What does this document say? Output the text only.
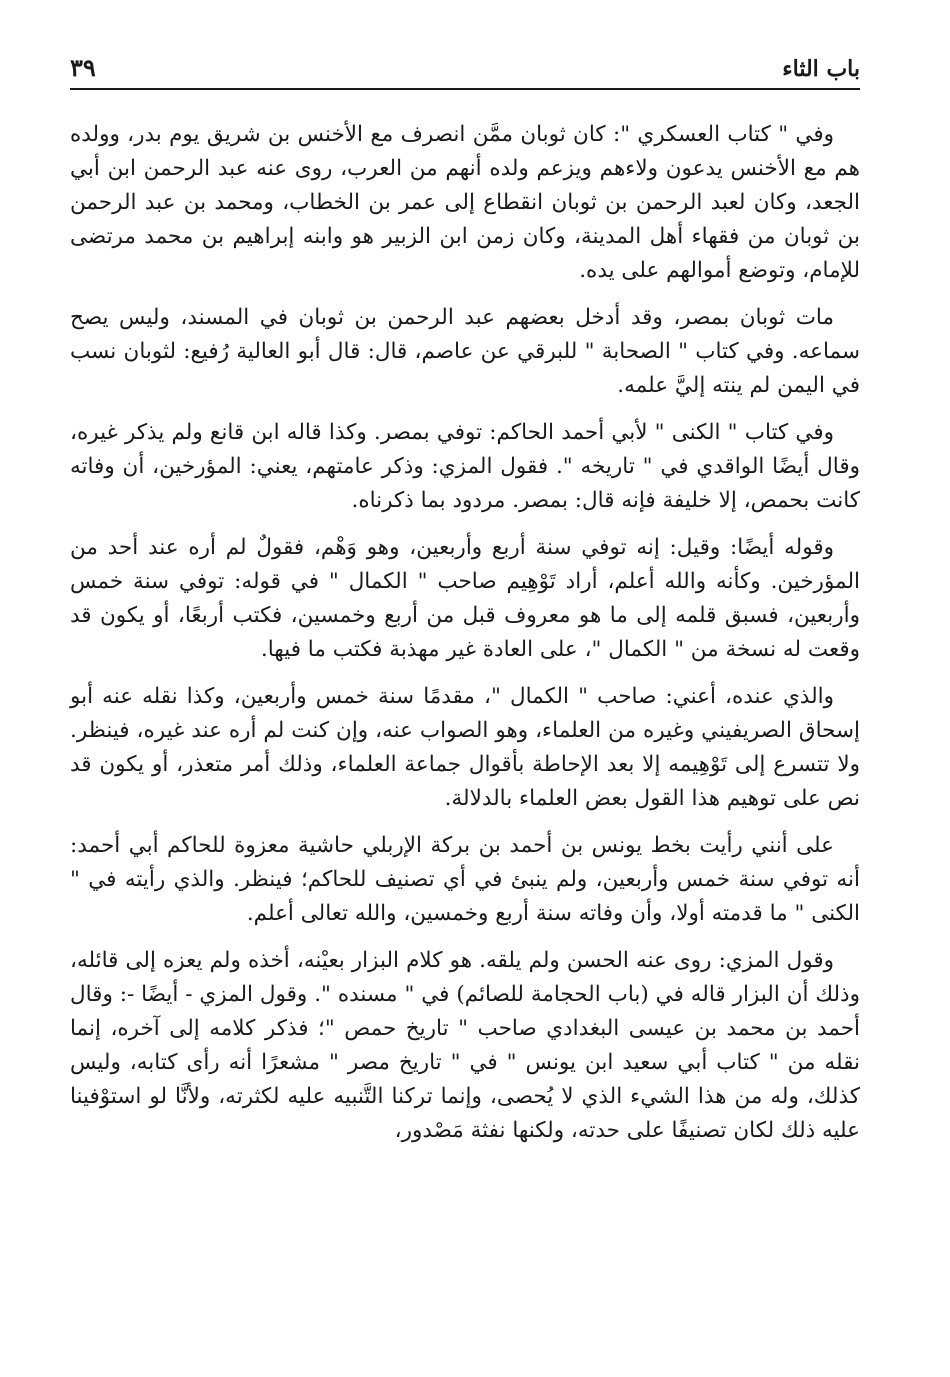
باب الثاء
٣٩

وفي " كتاب العسكري ": كان ثوبان ممَّن انصرف مع الأخنس بن شريق يوم بدر، وولده هم مع الأخنس يدعون ولاءهم ويزعم ولده أنهم من العرب، روى عنه عبد الرحمن ابن أبي الجعد، وكان لعبد الرحمن بن ثوبان انقطاع إلى عمر بن الخطاب، ومحمد بن عبد الرحمن بن ثوبان من فقهاء أهل المدينة، وكان زمن ابن الزبير هو وابنه إبراهيم بن محمد مرتضى للإمام، وتوضع أموالهم على يده.

مات ثوبان بمصر، وقد أدخل بعضهم عبد الرحمن بن ثوبان في المسند، وليس يصح سماعه. وفي كتاب " الصحابة " للبرقي عن عاصم، قال: قال أبو العالية رُفيع: لثوبان نسب في اليمن لم ينته إليَّ علمه.

وفي كتاب " الكنى " لأبي أحمد الحاكم: توفي بمصر. وكذا قاله ابن قانع ولم يذكر غيره، وقال أيضًا الواقدي في " تاريخه ". فقول المزي: وذكر عامتهم، يعني: المؤرخين، أن وفاته كانت بحمص، إلا خليفة فإنه قال: بمصر. مردود بما ذكرناه.

وقوله أيضًا: وقيل: إنه توفي سنة أربع وأربعين، وهو وَهْم، فقولٌ لم أره عند أحد من المؤرخين. وكأنه والله أعلم، أراد تَوْهِيم صاحب " الكمال " في قوله: توفي سنة خمس وأربعين، فسبق قلمه إلى ما هو معروف قبل من أربع وخمسين، فكتب أربعًا، أو يكون قد وقعت له نسخة من " الكمال "، على العادة غير مهذبة فكتب ما فيها.

والذي عنده، أعني: صاحب " الكمال "، مقدمًا سنة خمس وأربعين، وكذا نقله عنه أبو إسحاق الصريفيني وغيره من العلماء، وهو الصواب عنه، وإن كنت لم أره عند غيره، فينظر. ولا تتسرع إلى تَوْهِيمه إلا بعد الإحاطة بأقوال جماعة العلماء، وذلك أمر متعذر، أو يكون قد نص على توهيم هذا القول بعض العلماء بالدلالة.

على أنني رأيت بخط يونس بن أحمد بن بركة الإربلي حاشية معزوة للحاكم أبي أحمد: أنه توفي سنة خمس وأربعين، ولم ينبئ في أي تصنيف للحاكم؛ فينظر. والذي رأيته في " الكنى " ما قدمته أولا، وأن وفاته سنة أربع وخمسين، والله تعالى أعلم.

وقول المزي: روى عنه الحسن ولم يلقه. هو كلام البزار بعيْنه، أخذه ولم يعزه إلى قائله، وذلك أن البزار قاله في (باب الحجامة للصائم) في " مسنده ". وقول المزي - أيضًا -: وقال أحمد بن محمد بن عيسى البغدادي صاحب " تاريخ حمص "؛ فذكر كلامه إلى آخره، إنما نقله من " كتاب أبي سعيد ابن يونس " في " تاريخ مصر " مشعرًا أنه رأى كتابه، وليس كذلك، وله من هذا الشيء الذي لا يُحصى، وإنما تركنا التَّنبيه عليه لكثرته، ولأنَّا لو استوْفينا عليه ذلك لكان تصنيفًا على حدته، ولكنها نفثة مَصْدور،
